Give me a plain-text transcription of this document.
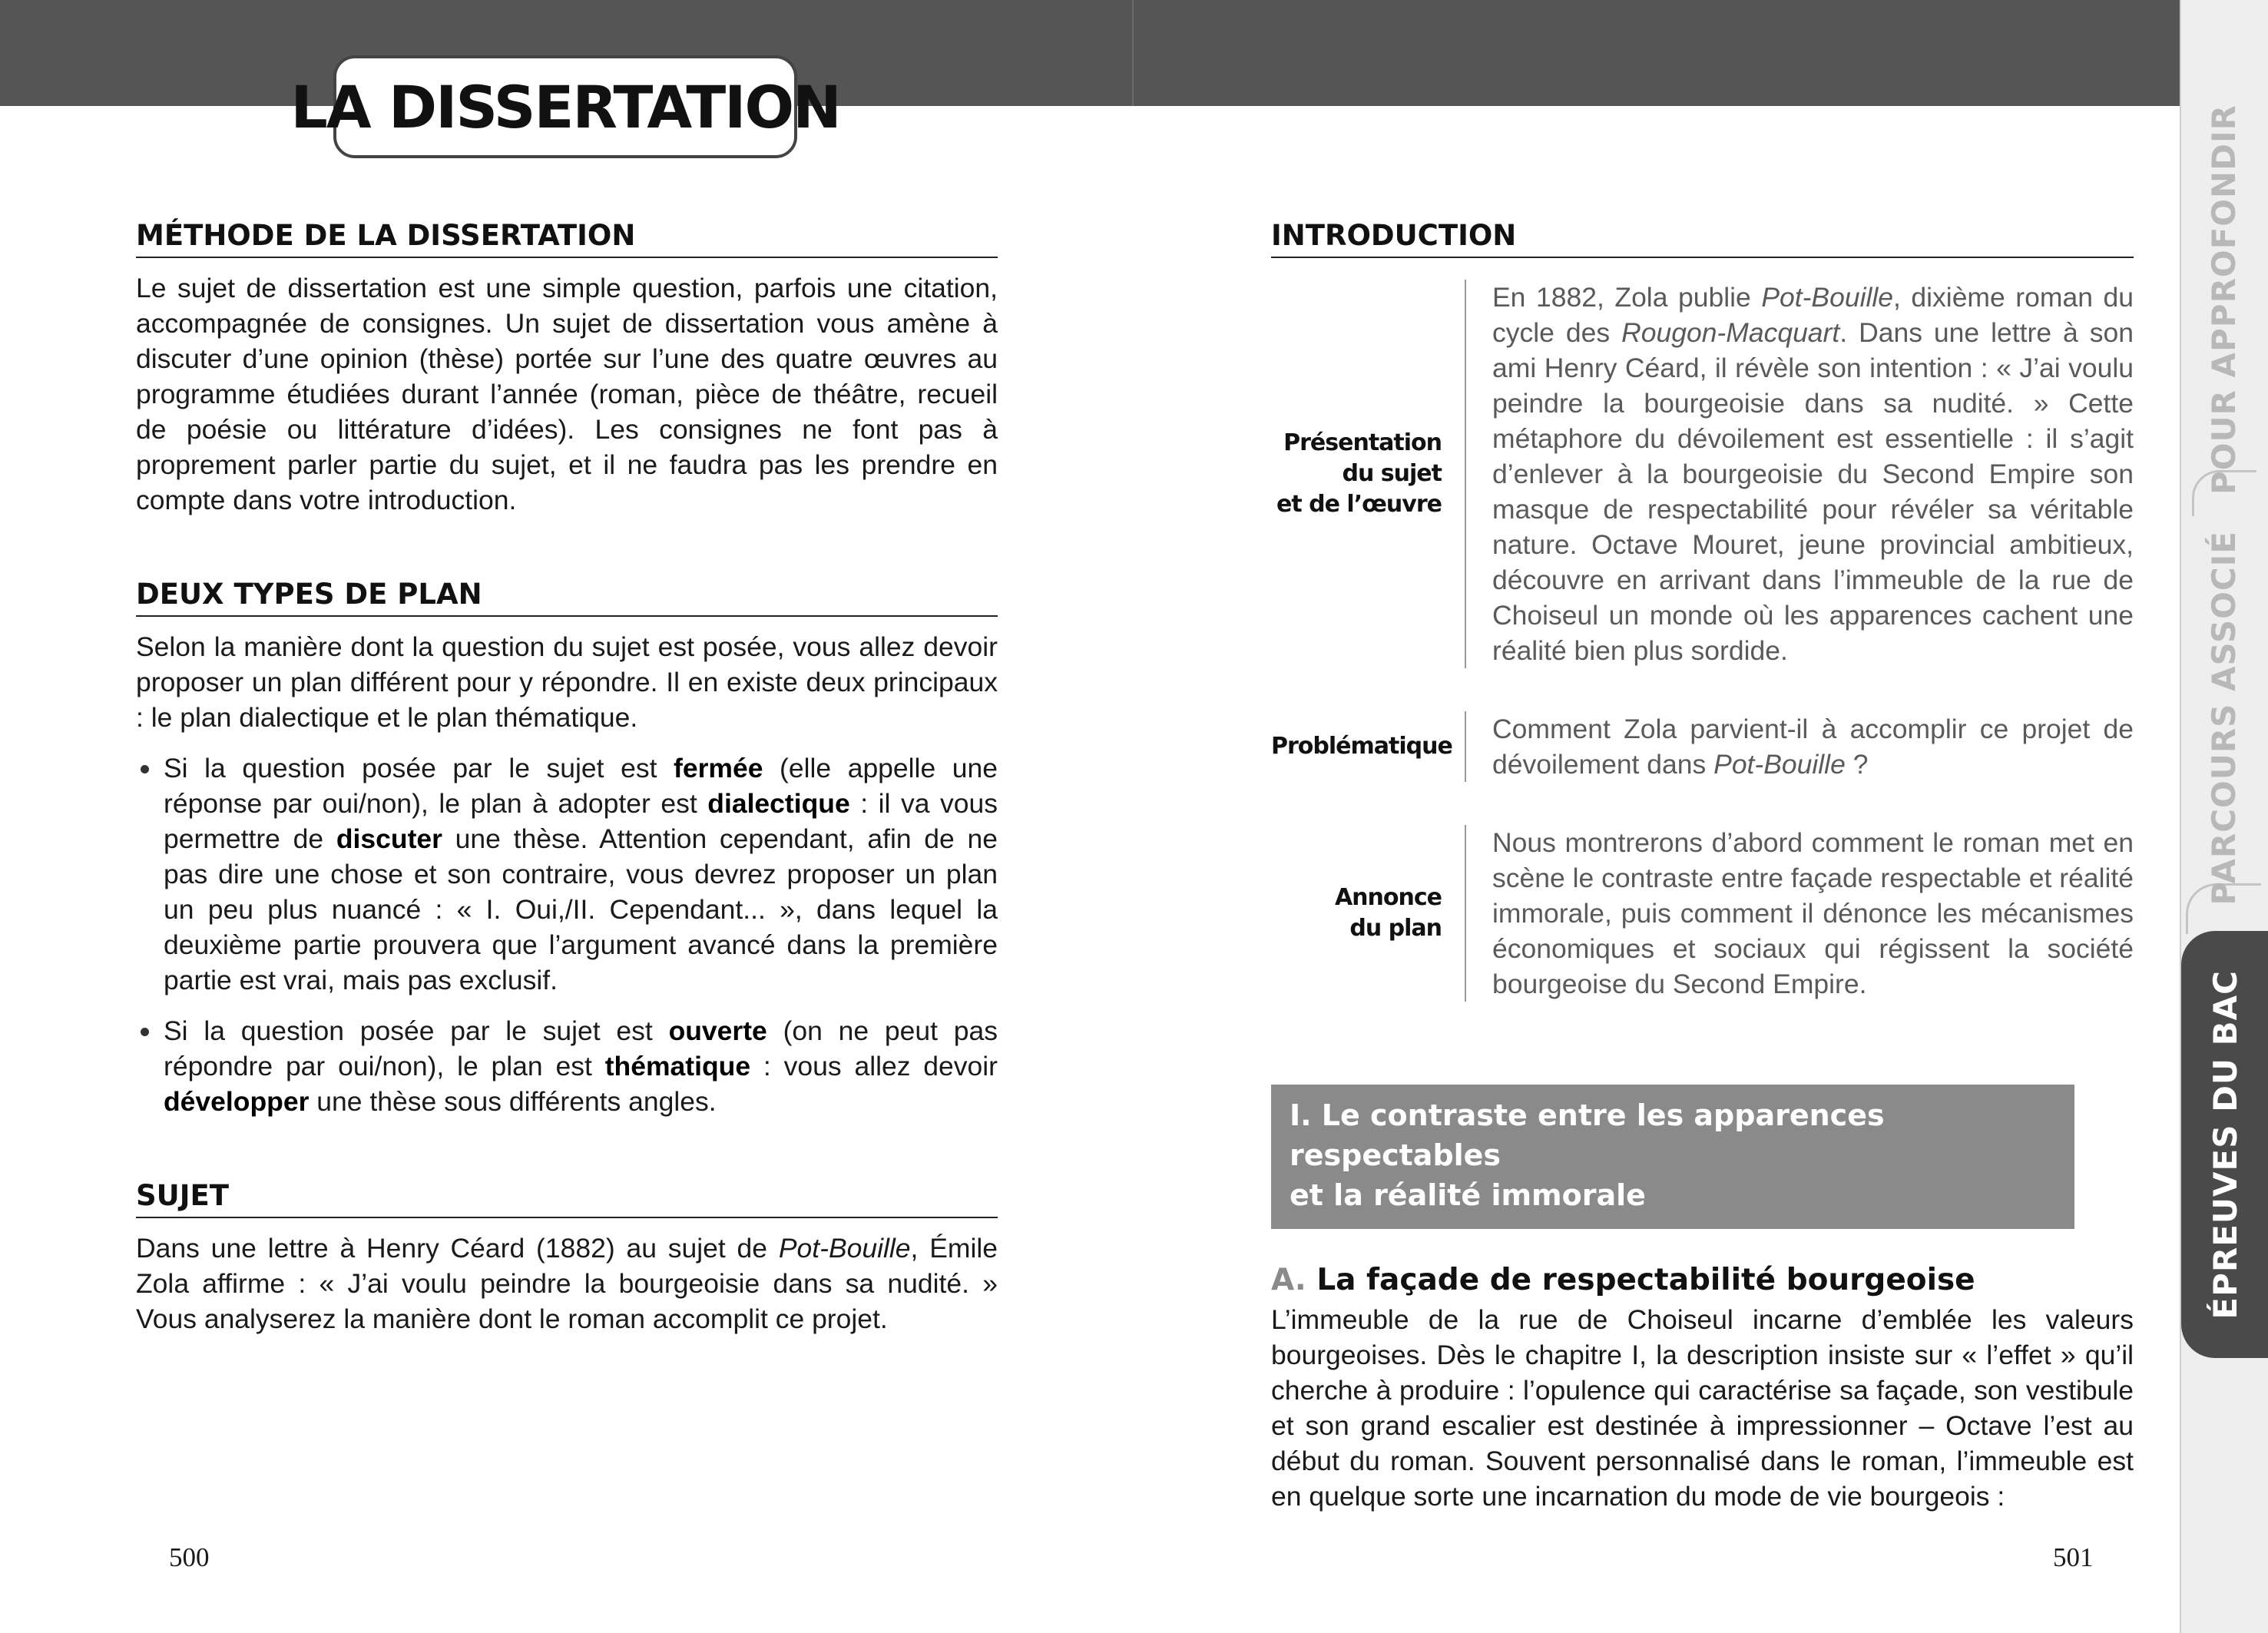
LA DISSERTATION
MÉTHODE DE LA DISSERTATION

Le sujet de dissertation est une simple question, parfois une citation, accompagnée de consignes. Un sujet de dissertation vous amène à discuter d’une opinion (thèse) portée sur l’une des quatre œuvres au programme étudiées durant l’année (roman, pièce de théâtre, recueil de poésie ou littérature d’idées). Les consignes ne font pas à proprement parler partie du sujet, et il ne faudra pas les prendre en compte dans votre introduction.

DEUX TYPES DE PLAN

Selon la manière dont la question du sujet est posée, vous allez devoir proposer un plan différent pour y répondre. Il en existe deux principaux : le plan dialectique et le plan thématique.

Si la question posée par le sujet est fermée (elle appelle une réponse par oui/non), le plan à adopter est dialectique : il va vous permettre de discuter une thèse. Attention cependant, afin de ne pas dire une chose et son contraire, vous devrez proposer un plan un peu plus nuancé : « I. Oui,/II. Cependant... », dans lequel la deuxième partie prouvera que l’argument avancé dans la première partie est vrai, mais pas exclusif.
Si la question posée par le sujet est ouverte (on ne peut pas répondre par oui/non), le plan est thématique : vous allez devoir développer une thèse sous différents angles.
SUJET

Dans une lettre à Henry Céard (1882) au sujet de Pot-Bouille, Émile Zola affirme : « J’ai voulu peindre la bourgeoisie dans sa nudité. » Vous analyserez la manière dont le roman accomplit ce projet.

INTRODUCTION
Présentation
du sujet
et de l’œuvre
En 1882, Zola publie Pot-Bouille, dixième roman du cycle des Rougon-Macquart. Dans une lettre à son ami Henry Céard, il révèle son intention : « J’ai voulu peindre la bourgeoisie dans sa nudité. » Cette métaphore du dévoilement est essentielle : il s’agit d’enlever à la bourgeoisie du Second Empire son masque de respectabilité pour révéler sa véritable nature. Octave Mouret, jeune provincial ambitieux, découvre en arrivant dans l’immeuble de la rue de Choiseul un monde où les apparences cachent une réalité bien plus sordide.
Problématique
Comment Zola parvient-il à accomplir ce projet de dévoilement dans Pot-Bouille ?
Annonce
du plan
Nous montrerons d’abord comment le roman met en scène le contraste entre façade respectable et réalité immorale, puis comment il dénonce les mécanismes économiques et sociaux qui régissent la société bourgeoise du Second Empire.
I. Le contraste entre les apparences respectables
et la réalité immorale
A. La façade de respectabilité bourgeoise

L’immeuble de la rue de Choiseul incarne d’emblée les valeurs bourgeoises. Dès le chapitre I, la description insiste sur « l’effet » qu’il cherche à produire : l’opulence qui caractérise sa façade, son vestibule et son grand escalier est destinée à impressionner – Octave l’est au début du roman. Souvent personnalisé dans le roman, l’immeuble est en quelque sorte une incarnation du mode de vie bourgeois :

500	501
POUR APPROFONDIR
PARCOURS ASSOCIÉ
ÉPREUVES DU BAC
